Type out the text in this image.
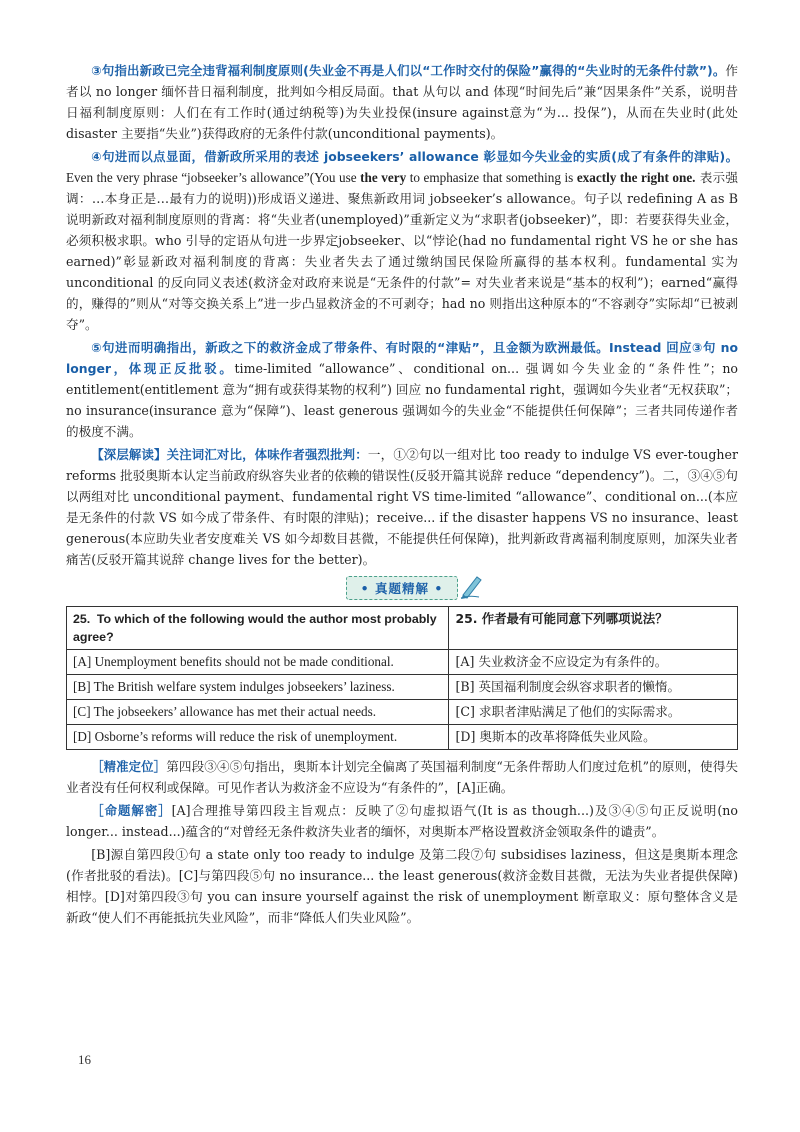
③句指出新政已完全违背福利制度原则(失业金不再是人们以“工作时交付的保险”赢得的“失业时的无条件付款”)。作者以 no longer 缅怀昔日福利制度，批判如今相反局面。that 从句以 and 体现“时间先后”兼“因果条件”关系，说明昔日福利制度原则：人们在有工作时(通过纳税等)为失业投保(insure against意为“为... 投保”)，从而在失业时(此处 disaster 主要指“失业”)获得政府的无条件付款(unconditional payments)。

④句进而以点显面，借新政所采用的表述 jobseekers’ allowance 彰显如今失业金的实质(成了有条件的津贴)。Even the very phrase “jobseeker’s allowance”(You use the very to emphasize that something is exactly the right one. 表示强调：…本身正是…最有力的说明))形成语义递进、聚焦新政用词 jobseeker’s allowance。句子以 redefining A as B 说明新政对福利制度原则的背离：将“失业者(unemployed)”重新定义为“求职者(jobseeker)”，即：若要获得失业金，必须积极求职。who 引导的定语从句进一步界定jobseeker、以“悖论(had no fundamental right VS he or she has earned)”彰显新政对福利制度的背离：失业者失去了通过缴纳国民保险所赢得的基本权利。fundamental 实为 unconditional 的反向同义表述(救济金对政府来说是“无条件的付款”= 对失业者来说是“基本的权利”)；earned“赢得的，赚得的”则从“对等交换关系上”进一步凸显救济金的不可剥夺；had no 则指出这种原本的“不容剥夺”实际却“已被剥夺”。

⑤句进而明确指出，新政之下的救济金成了带条件、有时限的“津贴”，且金额为欧洲最低。Instead 回应③句 no longer，体现正反批驳。time-limited “allowance”、conditional on... 强调如今失业金的“条件性”；no entitlement(entitlement 意为“拥有或获得某物的权利”) 回应 no fundamental right，强调如今失业者“无权获取”；no insurance(insurance 意为“保障”)、least generous 强调如今的失业金“不能提供任何保障”；三者共同传递作者的极度不满。

【深层解读】关注词汇对比，体味作者强烈批判：一，①②句以一组对比 too ready to indulge VS ever-tougher reforms 批驳奥斯本认定当前政府纵容失业者的依赖的错误性(反驳开篇其说辞 reduce “dependency”)。二，③④⑤句以两组对比 unconditional payment、fundamental right VS time-limited “allowance”、conditional on...(本应是无条件的付款 VS 如今成了带条件、有时限的津贴)；receive... if the disaster happens VS no insurance、least generous(本应助失业者安度难关 VS 如今却数目甚微，不能提供任何保障)，批判新政背离福利制度原则，加深失业者痛苦(反驳开篇其说辞 change lives for the better)。

• 真题精解 •
25. To which of the following would the author most probably agree?	25. 作者最有可能同意下列哪项说法？
[A] Unemployment benefits should not be made conditional.	[A] 失业救济金不应设定为有条件的。
[B] The British welfare system indulges jobseekers’ laziness.	[B] 英国福利制度会纵容求职者的懒惰。
[C] The jobseekers’ allowance has met their actual needs.	[C] 求职者津贴满足了他们的实际需求。
[D] Osborne’s reforms will reduce the risk of unemployment.	[D] 奥斯本的改革将降低失业风险。

［精准定位］第四段③④⑤句指出，奥斯本计划完全偏离了英国福利制度“无条件帮助人们度过危机”的原则，使得失业者没有任何权利或保障。可见作者认为救济金不应设为“有条件的”，[A]正确。

［命题解密］[A]合理推导第四段主旨观点：反映了②句虚拟语气(It is as though...)及③④⑤句正反说明(no longer... instead...)蕴含的“对曾经无条件救济失业者的缅怀，对奥斯本严格设置救济金领取条件的谴责”。

[B]源自第四段①句 a state only too ready to indulge 及第二段⑦句 subsidises laziness，但这是奥斯本理念(作者批驳的看法)。[C]与第四段⑤句 no insurance... the least generous(救济金数目甚微，无法为失业者提供保障)相悖。[D]对第四段③句 you can insure yourself against the risk of unemployment 断章取义：原句整体含义是新政“使人们不再能抵抗失业风险”，而非“降低人们失业风险”。

16
